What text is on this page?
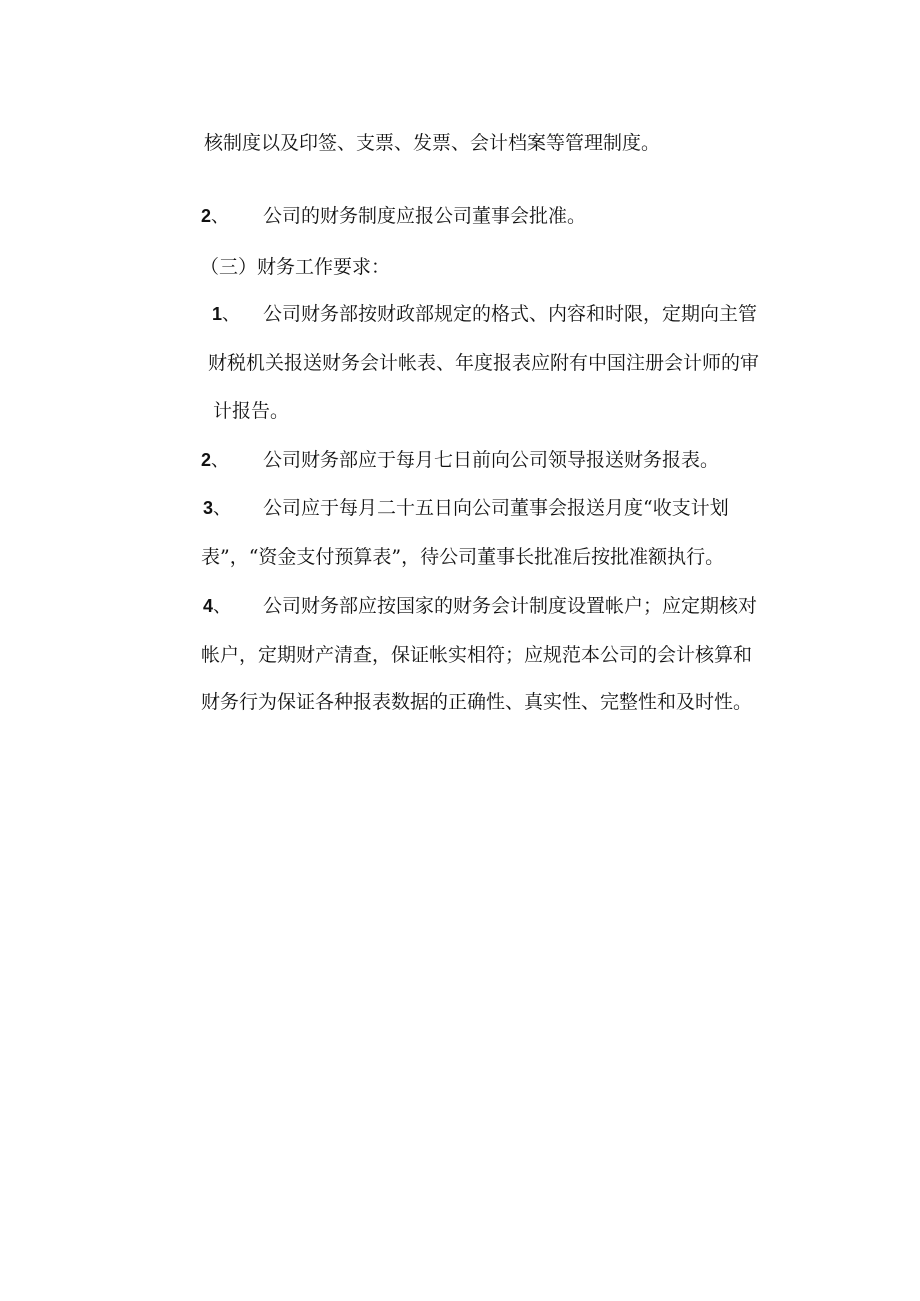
核制度以及印签、支票、发票、会计档案等管理制度。
2、 公司的财务制度应报公司董事会批准。
（三）财务工作要求：
1、 公司财务部按财政部规定的格式、内容和时限，定期向主管
财税机关报送财务会计帐表、年度报表应附有中国注册会计师的审
计报告。
2、 公司财务部应于每月七日前向公司领导报送财务报表。
3、 公司应于每月二十五日向公司董事会报送月度“收支计划
表”，“资金支付预算表”，待公司董事长批准后按批准额执行。
4、 公司财务部应按国家的财务会计制度设置帐户；应定期核对
帐户，定期财产清查，保证帐实相符；应规范本公司的会计核算和
财务行为保证各种报表数据的正确性、真实性、完整性和及时性。
